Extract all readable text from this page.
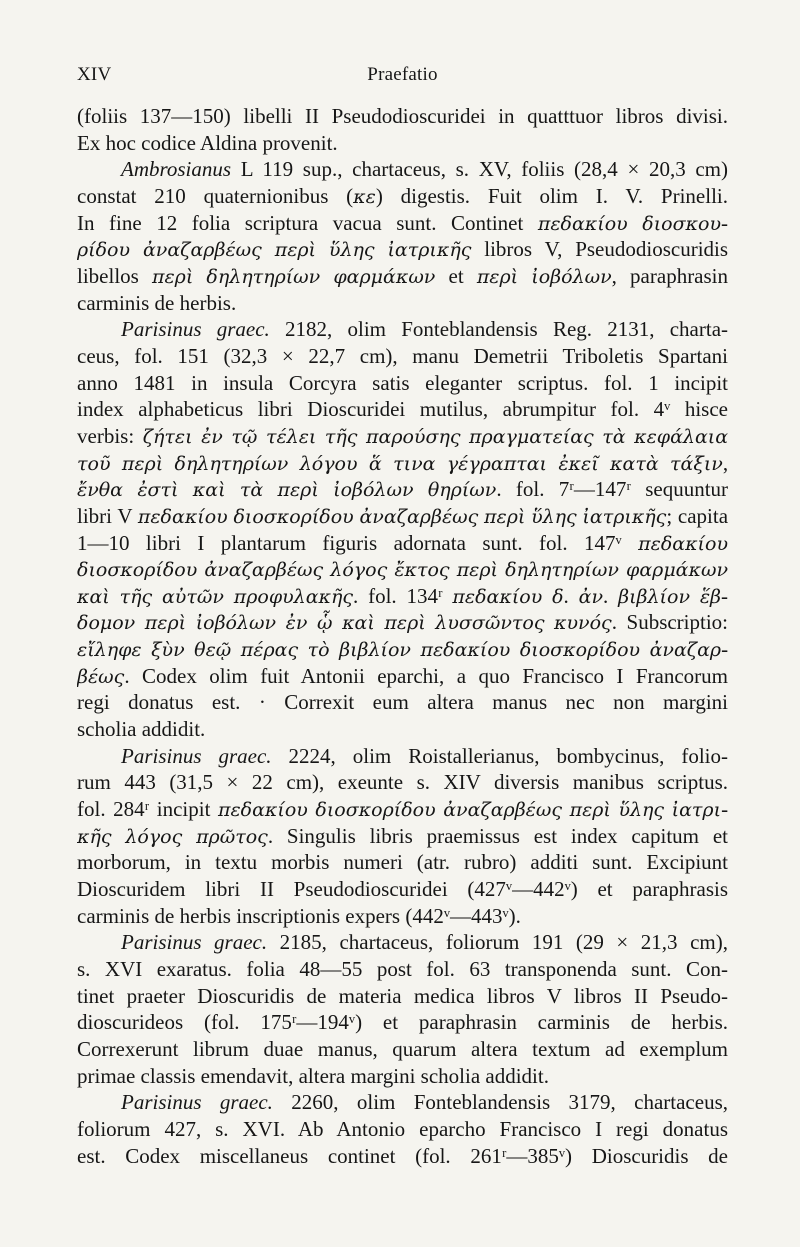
XIV	Praefatio
(foliis 137—150) libelli II Pseudodioscuridei in quatttuor libros divisi.
Ex hoc codice Aldina provenit.
Ambrosianus L 119 sup., chartaceus, s. XV, foliis (28,4 × 20,3 cm)
constat 210 quaternionibus (κε) digestis. Fuit olim I. V. Prinelli.
In fine 12 folia scriptura vacua sunt. Continet πεδακίου διοσκου-
ρίδου ἀναζαρβέως περὶ ὕλης ἰατρικῆς libros V, Pseudodioscuridis
libellos περὶ δηλητηρίων φαρμάκων et περὶ ἰοβόλων, paraphrasin
carminis de herbis.
Parisinus graec. 2182, olim Fonteblandensis Reg. 2131, charta-
ceus, fol. 151 (32,3 × 22,7 cm), manu Demetrii Triboletis Spartani
anno 1481 in insula Corcyra satis eleganter scriptus. fol. 1 incipit
index alphabeticus libri Dioscuridei mutilus, abrumpitur fol. 4ᵛ hisce
verbis: ζήτει ἐν τῷ τέλει τῆς παρούσης πραγματείας τὰ κεφάλαια
τοῦ περὶ δηλητηρίων λόγου ἅ τινα γέγραπται ἐκεῖ κατὰ τάξιν,
ἔνθα ἐστὶ καὶ τὰ περὶ ἰοβόλων θηρίων. fol. 7ʳ—147ʳ sequuntur
libri V πεδακίου διοσκορίδου ἀναζαρβέως περὶ ὕλης ἰατρικῆς; capita
1—10 libri I plantarum figuris adornata sunt. fol. 147ᵛ πεδακίου
διοσκορίδου ἀναζαρβέως λόγος ἔκτος περὶ δηλητηρίων φαρμάκων
καὶ τῆς αὐτῶν προφυλακῆς. fol. 134ʳ πεδακίου δ. ἀν. βιβλίον ἕβ-
δομον περὶ ἰοβόλων ἐν ᾧ καὶ περὶ λυσσῶντος κυνός. Subscriptio:
εἴληφε ξὺν θεῷ πέρας τὸ βιβλίον πεδακίου διοσκορίδου ἀναζαρ-
βέως. Codex olim fuit Antonii eparchi, a quo Francisco I Francorum
regi donatus est. · Correxit eum altera manus nec non margini
scholia addidit.
Parisinus graec. 2224, olim Roistallerianus, bombycinus, folio-
rum 443 (31,5 × 22 cm), exeunte s. XIV diversis manibus scriptus.
fol. 284ʳ incipit πεδακίου διοσκορίδου ἀναζαρβέως περὶ ὕλης ἰατρι-
κῆς λόγος πρῶτος. Singulis libris praemissus est index capitum et
morborum, in textu morbis numeri (atr. rubro) additi sunt. Excipiunt
Dioscuridem libri II Pseudodioscuridei (427ᵛ—442ᵛ) et paraphrasis
carminis de herbis inscriptionis expers (442ᵛ—443ᵛ).
Parisinus graec. 2185, chartaceus, foliorum 191 (29 × 21,3 cm),
s. XVI exaratus. folia 48—55 post fol. 63 transponenda sunt. Con-
tinet praeter Dioscuridis de materia medica libros V libros II Pseudo-
dioscurideos (fol. 175ʳ—194ᵛ) et paraphrasin carminis de herbis.
Correxerunt librum duae manus, quarum altera textum ad exemplum
primae classis emendavit, altera margini scholia addidit.
Parisinus graec. 2260, olim Fonteblandensis 3179, chartaceus,
foliorum 427, s. XVI. Ab Antonio eparcho Francisco I regi donatus
est. Codex miscellaneus continet (fol. 261ʳ—385ᵛ) Dioscuridis de
